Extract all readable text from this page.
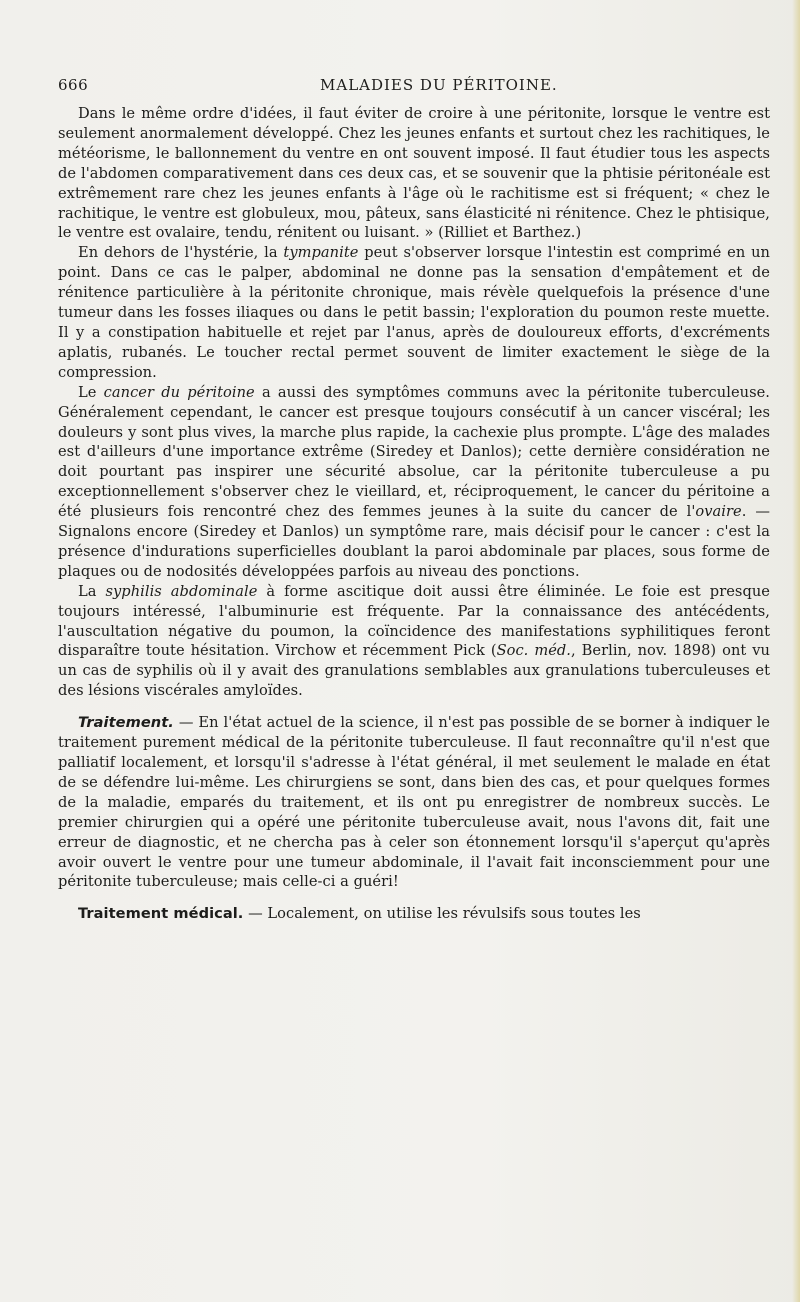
666	MALADIES DU PÉRITOINE.

Dans le même ordre d'idées, il faut éviter de croire à une péritonite, lorsque le ventre est seulement anormalement développé. Chez les jeunes enfants et surtout chez les rachitiques, le météorisme, le ballonnement du ventre en ont souvent imposé. Il faut étudier tous les aspects de l'abdomen comparativement dans ces deux cas, et se souvenir que la phtisie péritonéale est extrêmement rare chez les jeunes enfants à l'âge où le rachitisme est si fréquent; « chez le rachitique, le ventre est globuleux, mou, pâteux, sans élasticité ni rénitence. Chez le phtisique, le ventre est ovalaire, tendu, rénitent ou luisant. » (Rilliet et Barthez.)

En dehors de l'hystérie, la tympanite peut s'observer lorsque l'intestin est comprimé en un point. Dans ce cas le palper, abdominal ne donne pas la sensation d'empâtement et de rénitence particulière à la péritonite chronique, mais révèle quelquefois la présence d'une tumeur dans les fosses iliaques ou dans le petit bassin; l'exploration du poumon reste muette. Il y a constipation habituelle et rejet par l'anus, après de douloureux efforts, d'excréments aplatis, rubanés. Le toucher rectal permet souvent de limiter exactement le siège de la compression.

Le cancer du péritoine a aussi des symptômes communs avec la péritonite tuberculeuse. Généralement cependant, le cancer est presque toujours consécutif à un cancer viscéral; les douleurs y sont plus vives, la marche plus rapide, la cachexie plus prompte. L'âge des malades est d'ailleurs d'une importance extrême (Siredey et Danlos); cette dernière considération ne doit pourtant pas inspirer une sécurité absolue, car la péritonite tuberculeuse a pu exceptionnellement s'observer chez le vieillard, et, réciproquement, le cancer du péritoine a été plusieurs fois rencontré chez des femmes jeunes à la suite du cancer de l'ovaire. — Signalons encore (Siredey et Danlos) un symptôme rare, mais décisif pour le cancer : c'est la présence d'indurations superficielles doublant la paroi abdominale par places, sous forme de plaques ou de nodosités développées parfois au niveau des ponctions.

La syphilis abdominale à forme ascitique doit aussi être éliminée. Le foie est presque toujours intéressé, l'albuminurie est fréquente. Par la connaissance des antécédents, l'auscultation négative du poumon, la coïncidence des manifestations syphilitiques feront disparaître toute hésitation. Virchow et récemment Pick (Soc. méd., Berlin, nov. 1898) ont vu un cas de syphilis où il y avait des granulations semblables aux granulations tuberculeuses et des lésions viscérales amyloïdes.

Traitement. — En l'état actuel de la science, il n'est pas possible de se borner à indiquer le traitement purement médical de la péritonite tuberculeuse. Il faut reconnaître qu'il n'est que palliatif localement, et lorsqu'il s'adresse à l'état général, il met seulement le malade en état de se défendre lui-même. Les chirurgiens se sont, dans bien des cas, et pour quelques formes de la maladie, emparés du traitement, et ils ont pu enregistrer de nombreux succès. Le premier chirurgien qui a opéré une péritonite tuberculeuse avait, nous l'avons dit, fait une erreur de diagnostic, et ne chercha pas à celer son étonnement lorsqu'il s'aperçut qu'après avoir ouvert le ventre pour une tumeur abdominale, il l'avait fait inconsciemment pour une péritonite tuberculeuse; mais celle-ci a guéri!

Traitement médical. — Localement, on utilise les révulsifs sous toutes les
